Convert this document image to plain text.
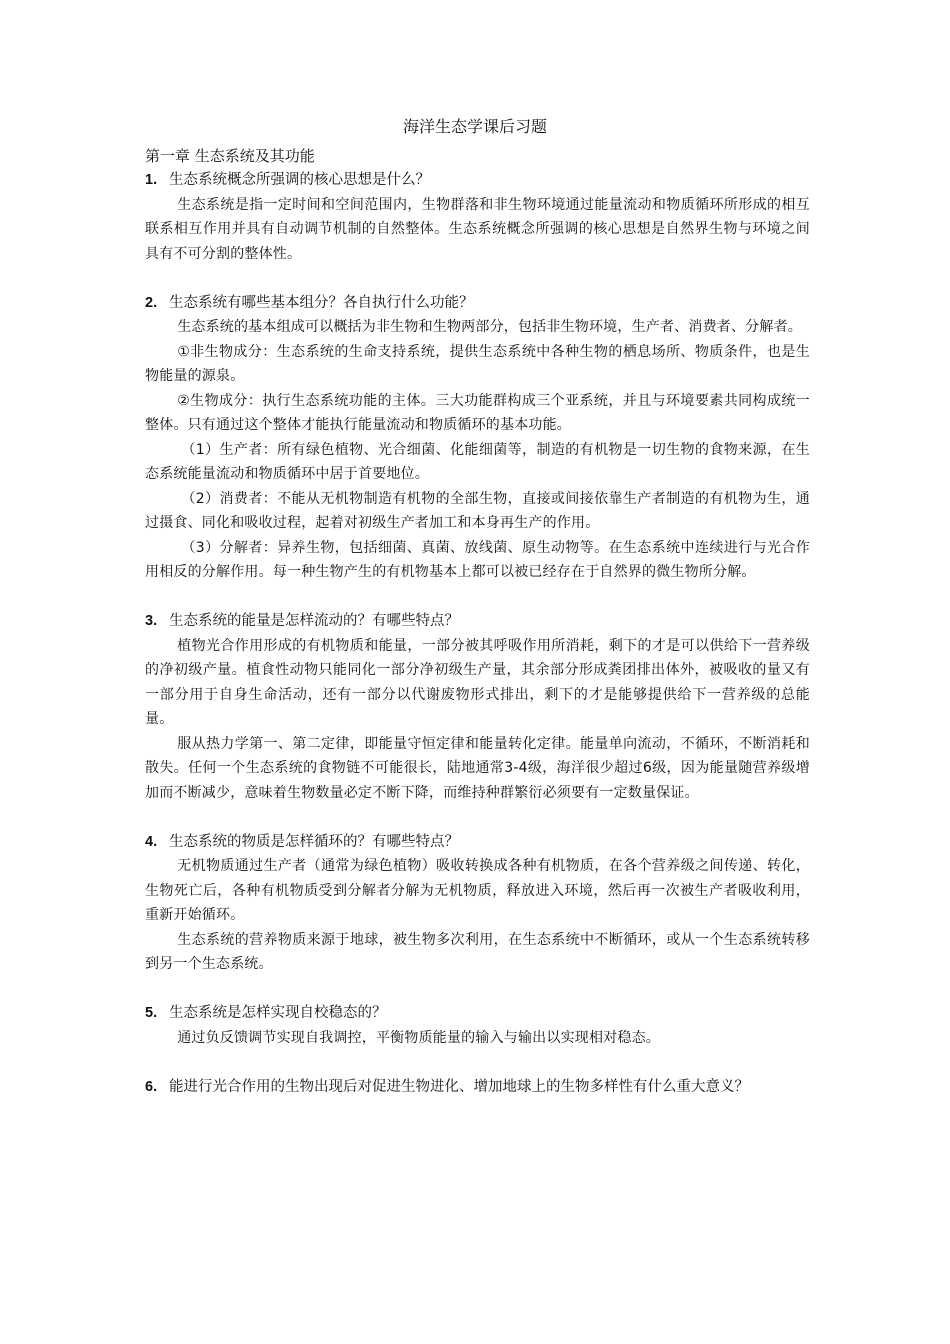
海洋生态学课后习题
第一章 生态系统及其功能

1. 生态系统概念所强调的核心思想是什么？

生态系统是指一定时间和空间范围内，生物群落和非生物环境通过能量流动和物质循环所形成的相互联系相互作用并具有自动调节机制的自然整体。生态系统概念所强调的核心思想是自然界生物与环境之间具有不可分割的整体性。

2. 生态系统有哪些基本组分？各自执行什么功能？

生态系统的基本组成可以概括为非生物和生物两部分，包括非生物环境，生产者、消费者、分解者。

①非生物成分：生态系统的生命支持系统，提供生态系统中各种生物的栖息场所、物质条件，也是生物能量的源泉。

②生物成分：执行生态系统功能的主体。三大功能群构成三个亚系统，并且与环境要素共同构成统一整体。只有通过这个整体才能执行能量流动和物质循环的基本功能。

（1）生产者：所有绿色植物、光合细菌、化能细菌等，制造的有机物是一切生物的食物来源，在生态系统能量流动和物质循环中居于首要地位。

（2）消费者：不能从无机物制造有机物的全部生物，直接或间接依靠生产者制造的有机物为生，通过摄食、同化和吸收过程，起着对初级生产者加工和本身再生产的作用。

（3）分解者：异养生物，包括细菌、真菌、放线菌、原生动物等。在生态系统中连续进行与光合作用相反的分解作用。每一种生物产生的有机物基本上都可以被已经存在于自然界的微生物所分解。

3. 生态系统的能量是怎样流动的？有哪些特点？

植物光合作用形成的有机物质和能量，一部分被其呼吸作用所消耗，剩下的才是可以供给下一营养级的净初级产量。植食性动物只能同化一部分净初级生产量，其余部分形成粪团排出体外，被吸收的量又有一部分用于自身生命活动，还有一部分以代谢废物形式排出，剩下的才是能够提供给下一营养级的总能量。

服从热力学第一、第二定律，即能量守恒定律和能量转化定律。能量单向流动，不循环，不断消耗和散失。任何一个生态系统的食物链不可能很长，陆地通常3-4级，海洋很少超过6级，因为能量随营养级增加而不断减少，意味着生物数量必定不断下降，而维持种群繁衍必须要有一定数量保证。

4. 生态系统的物质是怎样循环的？有哪些特点？

无机物质通过生产者（通常为绿色植物）吸收转换成各种有机物质，在各个营养级之间传递、转化，生物死亡后，各种有机物质受到分解者分解为无机物质，释放进入环境，然后再一次被生产者吸收利用，重新开始循环。

生态系统的营养物质来源于地球，被生物多次利用，在生态系统中不断循环，或从一个生态系统转移到另一个生态系统。

5. 生态系统是怎样实现自校稳态的？

通过负反馈调节实现自我调控，平衡物质能量的输入与输出以实现相对稳态。

6. 能进行光合作用的生物出现后对促进生物进化、增加地球上的生物多样性有什么重大意义？
